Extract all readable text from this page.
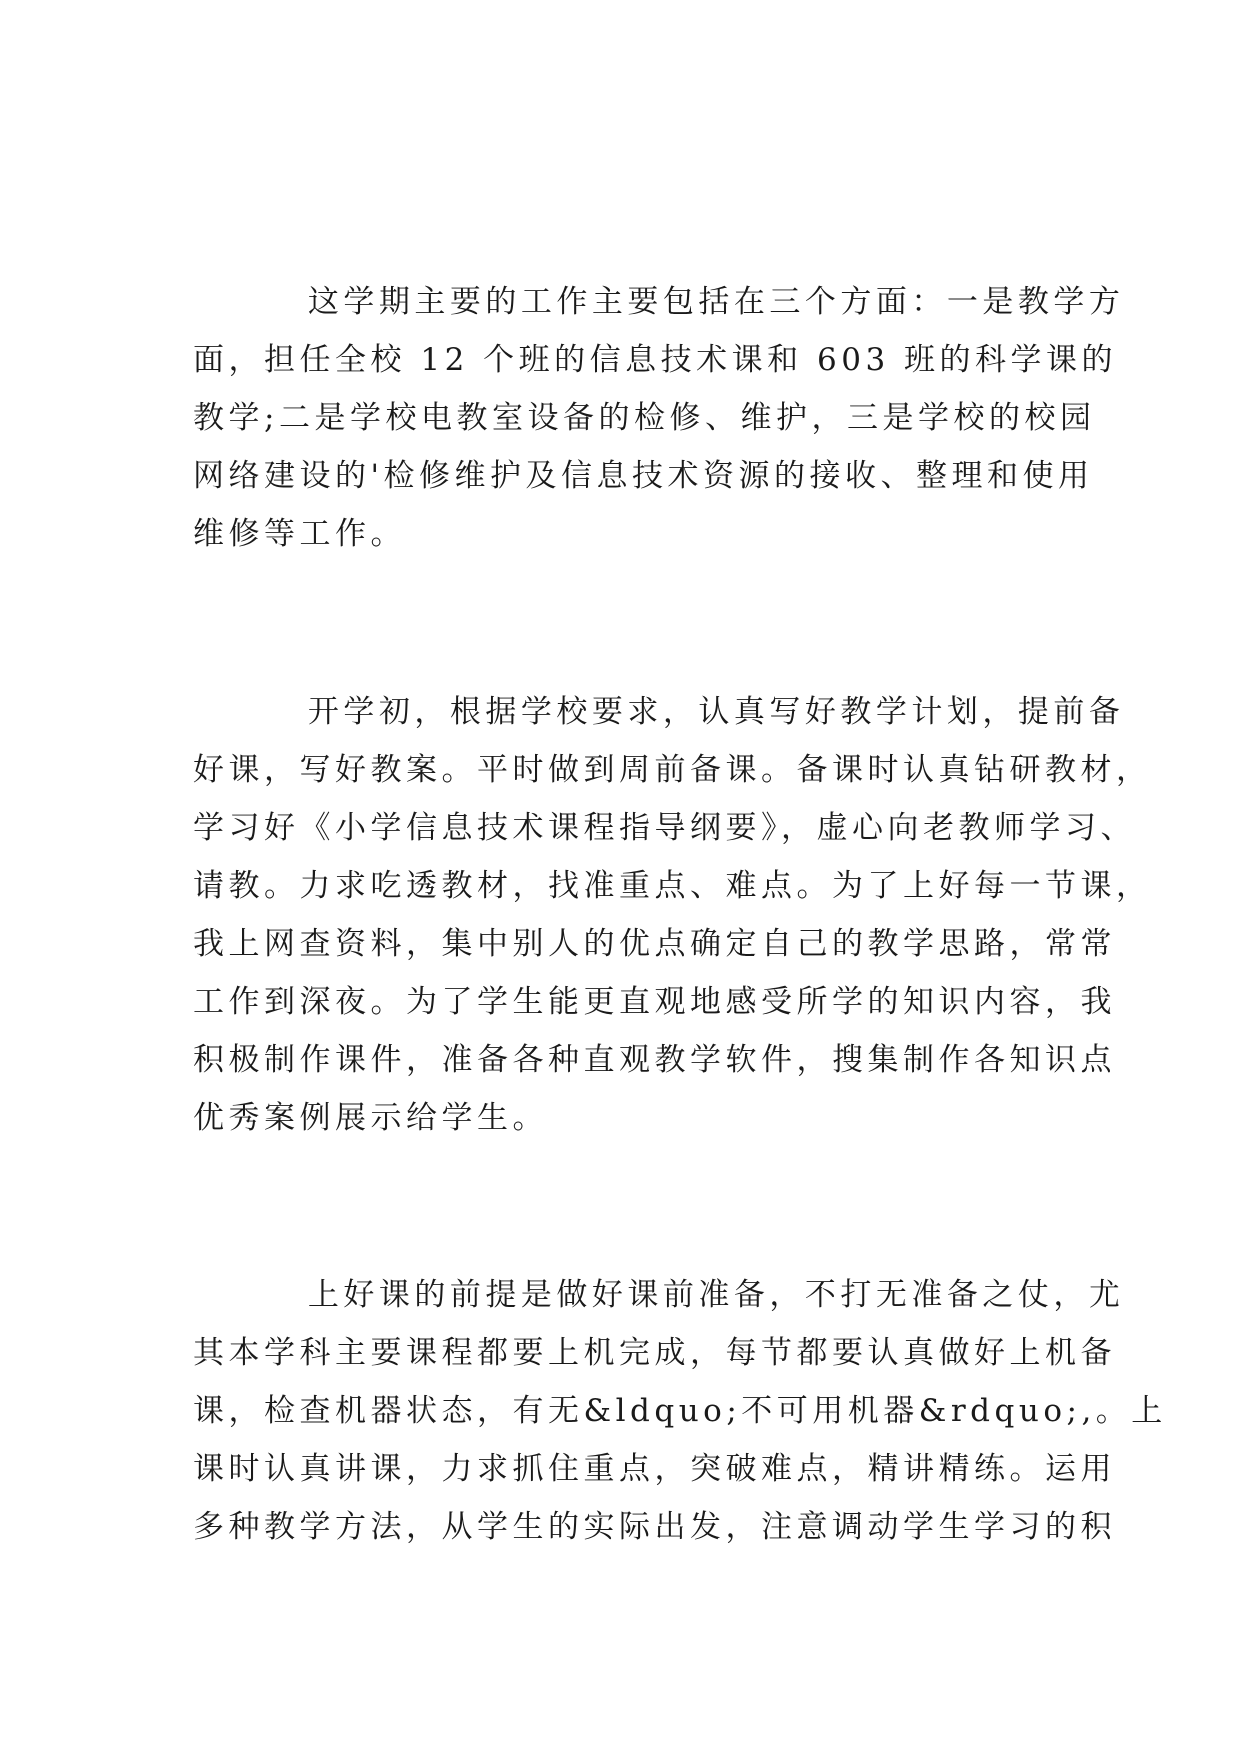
这学期主要的工作主要包括在三个方面：一是教学方
面，担任全校 12 个班的信息技术课和 603 班的科学课的
教学;二是学校电教室设备的检修、维护，三是学校的校园
网络建设的'检修维护及信息技术资源的接收、整理和使用
维修等工作。
开学初，根据学校要求，认真写好教学计划，提前备
好课，写好教案。平时做到周前备课。备课时认真钻研教材，
学习好《小学信息技术课程指导纲要》，虚心向老教师学习、
请教。力求吃透教材，找准重点、难点。为了上好每一节课，
我上网查资料，集中别人的优点确定自己的教学思路，常常
工作到深夜。为了学生能更直观地感受所学的知识内容，我
积极制作课件，准备各种直观教学软件，搜集制作各知识点
优秀案例展示给学生。
上好课的前提是做好课前准备，不打无准备之仗，尤
其本学科主要课程都要上机完成，每节都要认真做好上机备
课，检查机器状态，有无&ldquo;不可用机器&rdquo;,。上
课时认真讲课，力求抓住重点，突破难点，精讲精练。运用
多种教学方法，从学生的实际出发，注意调动学生学习的积
